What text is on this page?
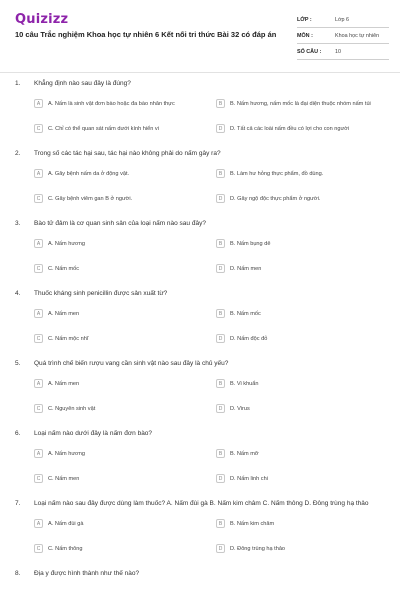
Quizizz
10 câu Trắc nghiệm Khoa học tự nhiên 6 Kết nối tri thức Bài 32 có đáp án
LỚP :	Lớp 6
MÔN :	Khoa học tự nhiên
SỐ CÂU :	10
1. Khẳng định nào sau đây là đúng?
A	A. Nấm là sinh vật đơn bào hoặc đa bào nhân thực	B	B. Nấm hương, nấm mốc là đại diện thuộc nhóm nấm túi
C	C. Chỉ có thể quan sát nấm dưới kính hiển vi	D	D. Tất cả các loài nấm đều có lợi cho con người
2. Trong số các tác hại sau, tác hại nào không phải do nấm gây ra?
A	A. Gây bệnh nấm da ở động vật.	B	B. Làm hư hỏng thực phẩm, đồ dùng.
C	C. Gây bệnh viêm gan B ở người.	D	D. Gây ngộ độc thực phẩm ở người.
3. Bào tử đảm là cơ quan sinh sản của loại nấm nào sau đây?
A	A. Nấm hương	B	B. Nấm bụng dê
C	C. Nấm mốc	D	D. Nấm men
4. Thuốc kháng sinh penicillin được sản xuất từ?
A	A. Nấm men	B	B. Nấm mốc
C	C. Nấm mộc nhĩ	D	D. Nấm độc đỏ
5. Quá trình chế biến rượu vang cần sinh vật nào sau đây là chủ yếu?
A	A. Nấm men	B	B. Vi khuẩn
C	C. Nguyên sinh vật	D	D. Virus
6. Loại nấm nào dưới đây là nấm đơn bào?
A	A. Nấm hương	B	B. Nấm mỡ
C	C. Nấm men	D	D. Nấm linh chi
7. Loại nấm nào sau đây được dùng làm thuốc? A. Nấm đùi gà B. Nấm kim châm C. Nấm thông D. Đông trùng hạ thảo
A	A. Nấm đùi gà	B	B. Nấm kim châm
C	C. Nấm thông	D	D. Đông trùng hạ thảo
8. Địa y được hình thành như thế nào?
